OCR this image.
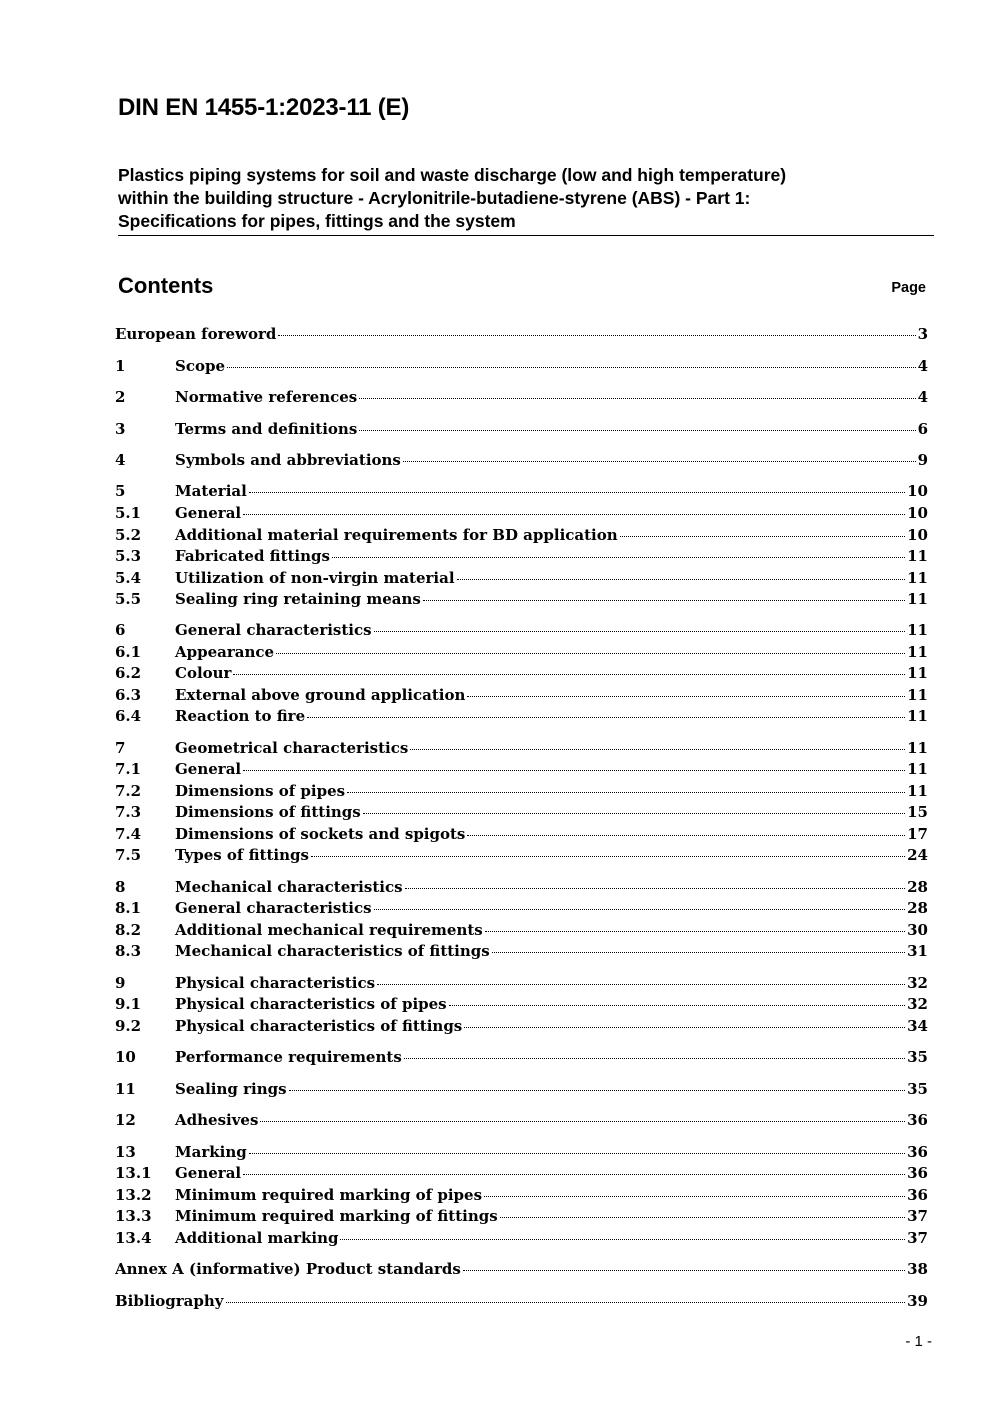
DIN EN 1455-1:2023-11 (E)
Plastics piping systems for soil and waste discharge (low and high temperature)
within the building structure - Acrylonitrile-butadiene-styrene (ABS) - Part 1:
Specifications for pipes, fittings and the system
Contents	Page
European foreword	3
1	Scope	4
2	Normative references	4
3	Terms and definitions	6
4	Symbols and abbreviations	9
5	Material	10
5.1	General	10
5.2	Additional material requirements for BD application	10
5.3	Fabricated fittings	11
5.4	Utilization of non-virgin material	11
5.5	Sealing ring retaining means	11
6	General characteristics	11
6.1	Appearance	11
6.2	Colour	11
6.3	External above ground application	11
6.4	Reaction to fire	11
7	Geometrical characteristics	11
7.1	General	11
7.2	Dimensions of pipes	11
7.3	Dimensions of fittings	15
7.4	Dimensions of sockets and spigots	17
7.5	Types of fittings	24
8	Mechanical characteristics	28
8.1	General characteristics	28
8.2	Additional mechanical requirements	30
8.3	Mechanical characteristics of fittings	31
9	Physical characteristics	32
9.1	Physical characteristics of pipes	32
9.2	Physical characteristics of fittings	34
10	Performance requirements	35
11	Sealing rings	35
12	Adhesives	36
13	Marking	36
13.1	General	36
13.2	Minimum required marking of pipes	36
13.3	Minimum required marking of fittings	37
13.4	Additional marking	37
Annex A (informative) Product standards	38
Bibliography	39
- 1 -
